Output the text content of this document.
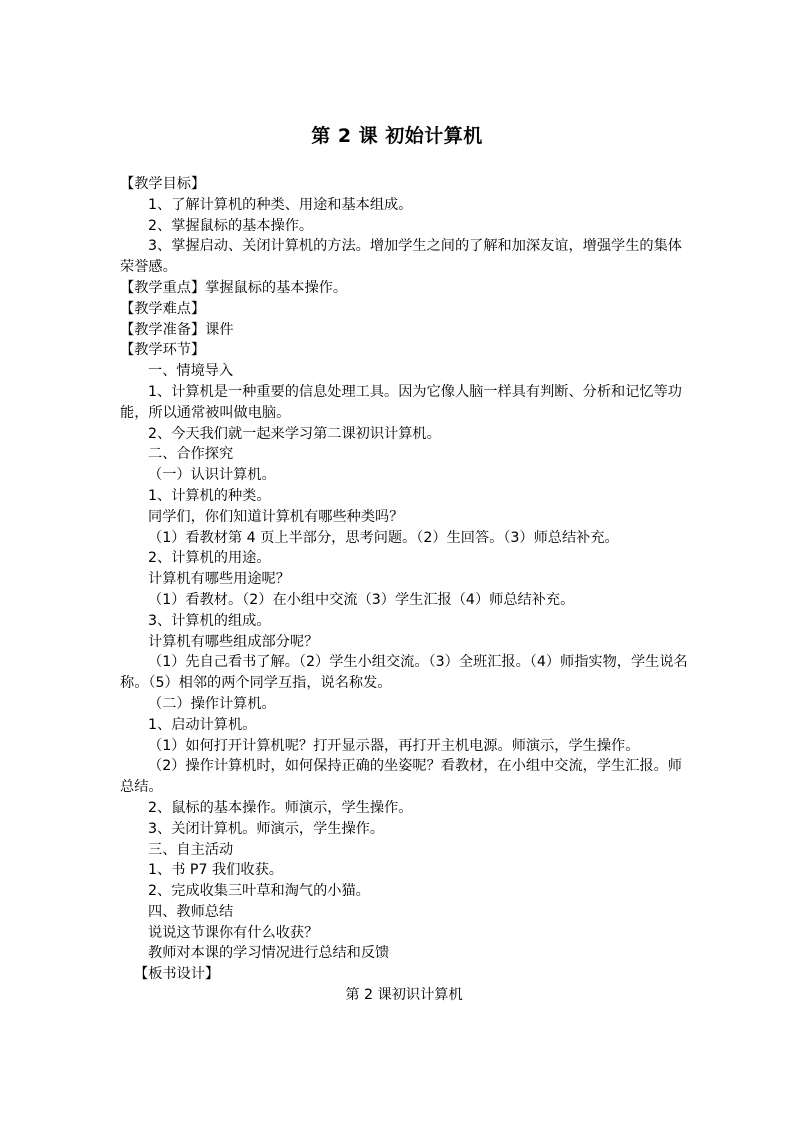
第 2 课 初始计算机
【教学目标】
1、了解计算机的种类、用途和基本组成。
2、掌握鼠标的基本操作。
3、掌握启动、关闭计算机的方法。增加学生之间的了解和加深友谊，增强学生的集体荣誉感。
【教学重点】掌握鼠标的基本操作。
【教学难点】
【教学准备】课件
【教学环节】
一、情境导入
1、计算机是一种重要的信息处理工具。因为它像人脑一样具有判断、分析和记忆等功能，所以通常被叫做电脑。
2、今天我们就一起来学习第二课初识计算机。
二、合作探究
（一）认识计算机。
1、计算机的种类。
同学们，你们知道计算机有哪些种类吗？
（1）看教材第 4 页上半部分，思考问题。（2）生回答。（3）师总结补充。
2、计算机的用途。
计算机有哪些用途呢？
（1）看教材。（2）在小组中交流（3）学生汇报（4）师总结补充。
3、计算机的组成。
计算机有哪些组成部分呢？
（1）先自己看书了解。（2）学生小组交流。（3）全班汇报。（4）师指实物，学生说名称。（5）相邻的两个同学互指，说名称发。
（二）操作计算机。
1、启动计算机。
（1）如何打开计算机呢？打开显示器，再打开主机电源。师演示，学生操作。
（2）操作计算机时，如何保持正确的坐姿呢？看教材，在小组中交流，学生汇报。师总结。
2、鼠标的基本操作。师演示，学生操作。
3、关闭计算机。师演示，学生操作。
三、自主活动
1、书 P7 我们收获。
2、完成收集三叶草和淘气的小猫。
四、教师总结
说说这节课你有什么收获？
教师对本课的学习情况进行总结和反馈
【板书设计】
第 2 课初识计算机
